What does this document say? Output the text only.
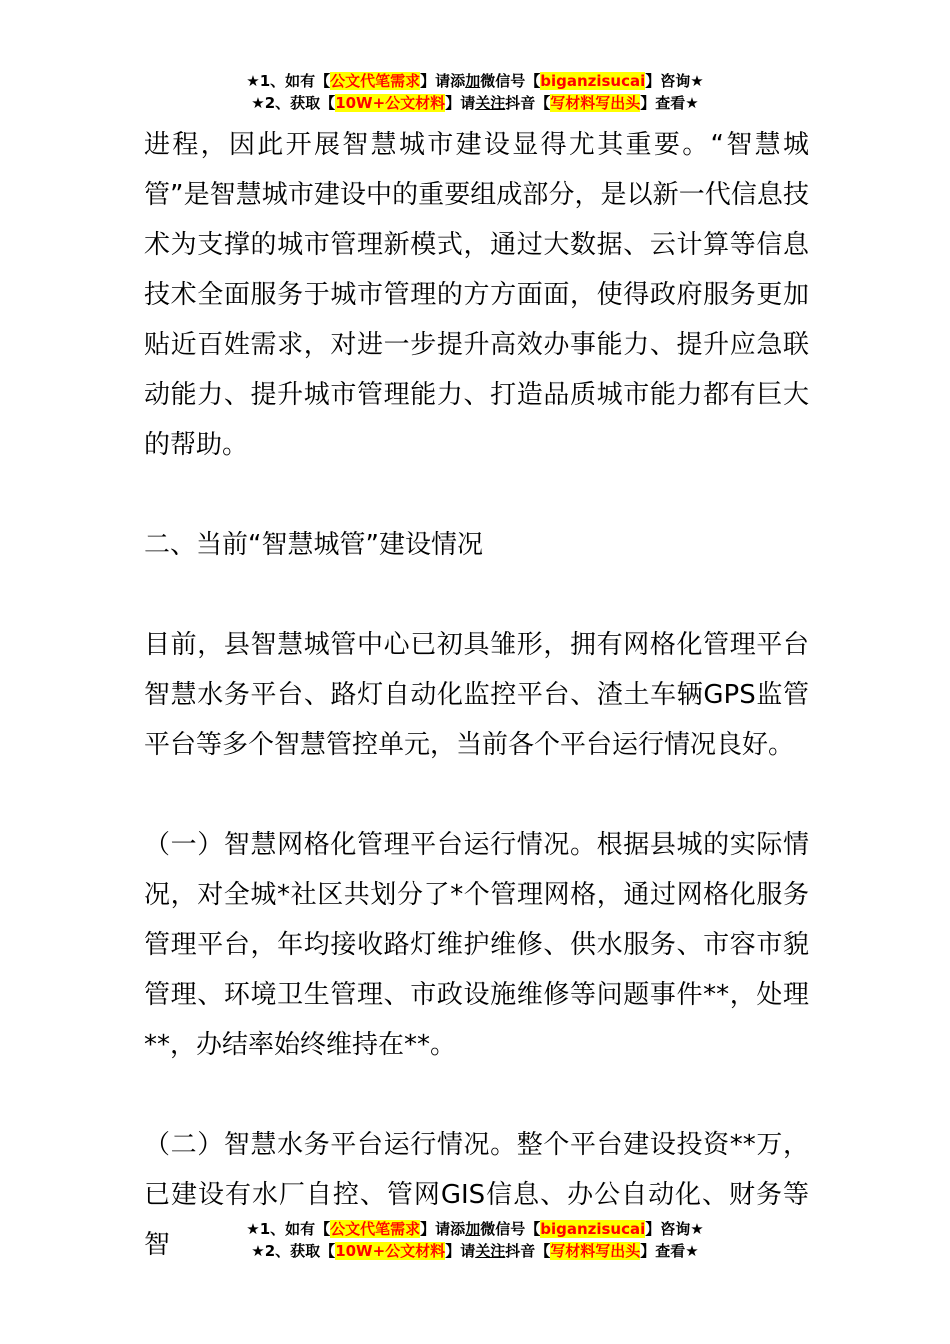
★1、如有【公文代笔需求】请添加微信号【biganzisucai】咨询★
★2、获取【10W+公文材料】请关注抖音【写材料写出头】查看★

进程，因此开展智慧城市建设显得尤其重要。“智慧城管”是智慧城市建设中的重要组成部分，是以新一代信息技术为支撑的城市管理新模式，通过大数据、云计算等信息技术全面服务于城市管理的方方面面，使得政府服务更加贴近百姓需求，对进一步提升高效办事能力、提升应急联动能力、提升城市管理能力、打造品质城市能力都有巨大的帮助。

二、当前“智慧城管”建设情况

目前，县智慧城管中心已初具雏形，拥有网格化管理平台智慧水务平台、路灯自动化监控平台、渣土车辆GPS监管平台等多个智慧管控单元，当前各个平台运行情况良好。

（一）智慧网格化管理平台运行情况。根据县城的实际情况，对全城*社区共划分了*个管理网格，通过网格化服务管理平台，年均接收路灯维护维修、供水服务、市容市貌管理、环境卫生管理、市政设施维修等问题事件**，处理**，办结率始终维持在**。

（二）智慧水务平台运行情况。整个平台建设投资**万，已建设有水厂自控、管网GIS信息、办公自动化、财务等智

★1、如有【公文代笔需求】请添加微信号【biganzisucai】咨询★
★2、获取【10W+公文材料】请关注抖音【写材料写出头】查看★
